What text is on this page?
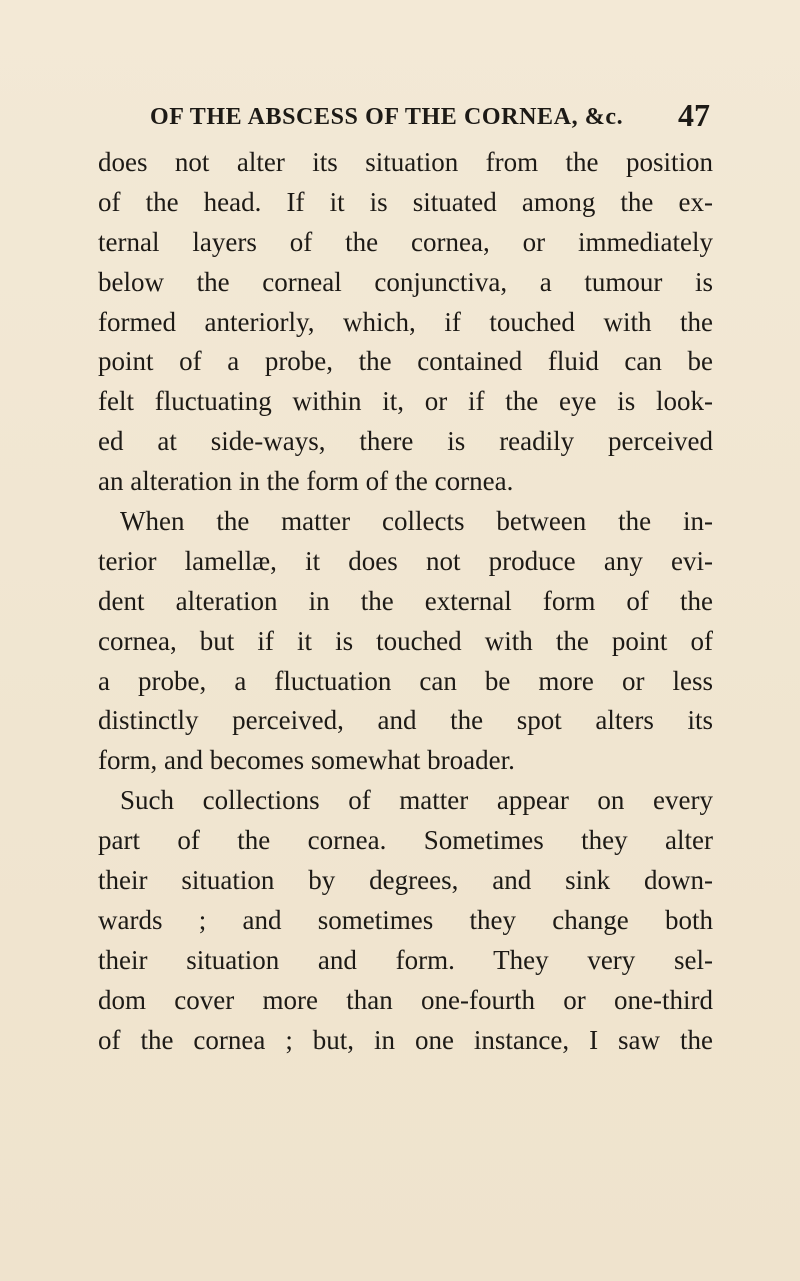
OF THE ABSCESS OF THE CORNEA, &c. 47
does not alter its situation from the position
of the head. If it is situated among the ex-
ternal layers of the cornea, or immediately
below the corneal conjunctiva, a tumour is
formed anteriorly, which, if touched with the
point of a probe, the contained fluid can be
felt fluctuating within it, or if the eye is look-
ed at side-ways, there is readily perceived
an alteration in the form of the cornea.
When the matter collects between the in-
terior lamellæ, it does not produce any evi-
dent alteration in the external form of the
cornea, but if it is touched with the point of
a probe, a fluctuation can be more or less
distinctly perceived, and the spot alters its
form, and becomes somewhat broader.
Such collections of matter appear on every
part of the cornea. Sometimes they alter
their situation by degrees, and sink down-
wards ; and sometimes they change both
their situation and form. They very sel-
dom cover more than one-fourth or one-third
of the cornea ; but, in one instance, I saw the
